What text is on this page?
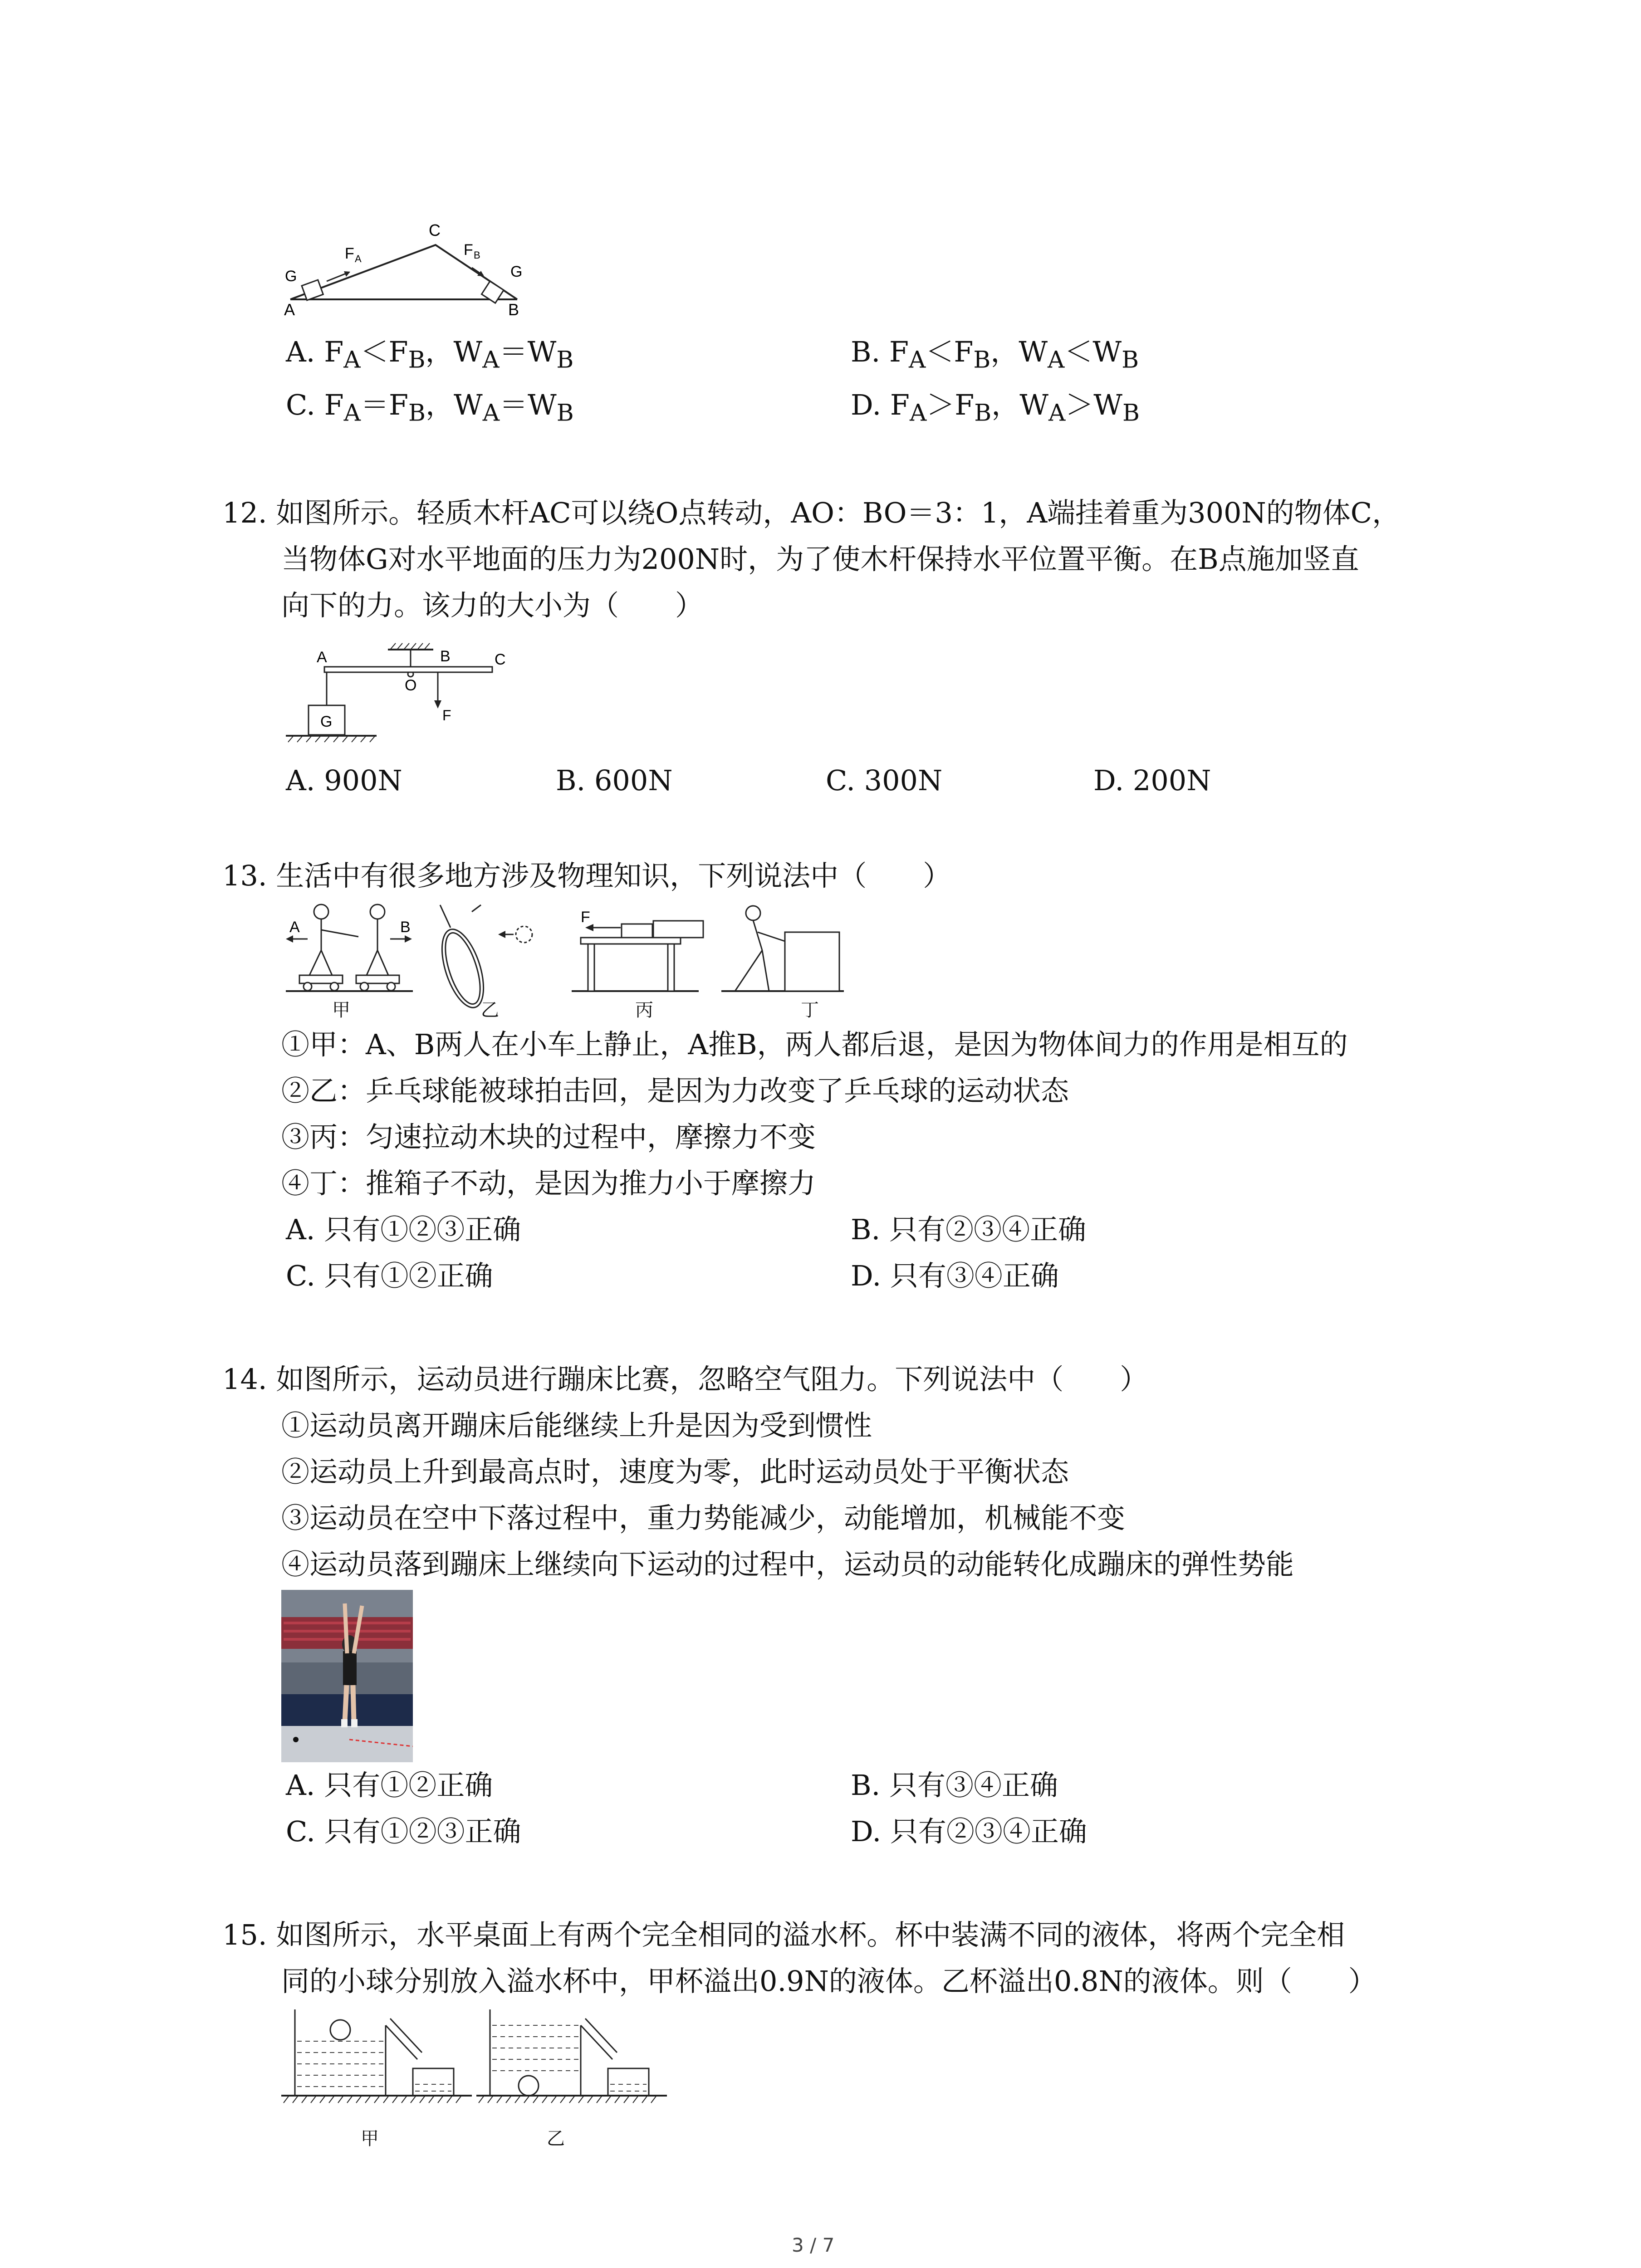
A	B
C
G	G
F A
F B
A. $F_A<F_B$，$W_A=W_B$	B. $F_A<F_B$，$W_A<W_B$
C. $F_A=F_B$，$W_A=W_B$	D. $F_A>F_B$，$W_A>W_B$
12. 如图所示。轻质木杆AC可以绕O点转动，AO：BO＝3：1，A端挂着重为300N的物体C，
当物体G对水平地面的压力为200N时，为了使木杆保持水平位置平衡。在B点施加竖直
向下的力。该力的大小为（　　）
A
O
B	C
F
G
A. 900N	B. 600N	C. 300N	D. 200N
13. 生活中有很多地方涉及物理知识，下列说法中（　　）
A	B
F
甲	乙	丙	丁
①甲：A、B两人在小车上静止，A推B，两人都后退，是因为物体间力的作用是相互的
②乙：乒乓球能被球拍击回，是因为力改变了乒乓球的运动状态
③丙：匀速拉动木块的过程中，摩擦力不变
④丁：推箱子不动，是因为推力小于摩擦力
A. 只有①②③正确	B. 只有②③④正确
C. 只有①②正确	D. 只有③④正确
14. 如图所示，运动员进行蹦床比赛，忽略空气阻力。下列说法中（　　）
①运动员离开蹦床后能继续上升是因为受到惯性
②运动员上升到最高点时，速度为零，此时运动员处于平衡状态
③运动员在空中下落过程中，重力势能减少，动能增加，机械能不变
④运动员落到蹦床上继续向下运动的过程中，运动员的动能转化成蹦床的弹性势能
A. 只有①②正确	B. 只有③④正确
C. 只有①②③正确	D. 只有②③④正确
15. 如图所示，水平桌面上有两个完全相同的溢水杯。杯中装满不同的液体，将两个完全相
同的小球分别放入溢水杯中，甲杯溢出0.9N的液体。乙杯溢出0.8N的液体。则（　　）
甲	乙
3 / 7
